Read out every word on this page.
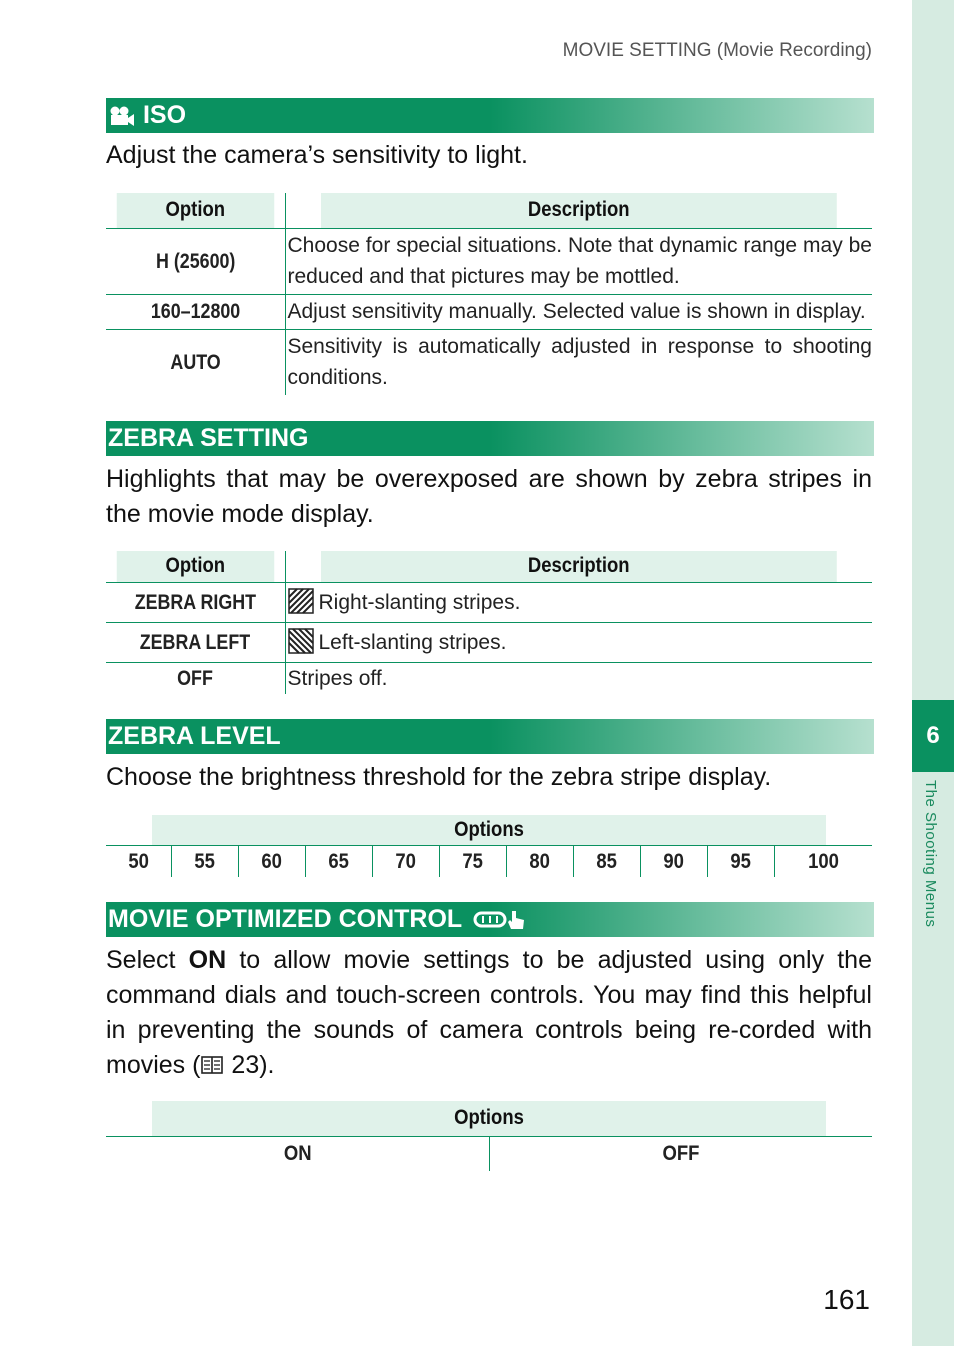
6
The Shooting Menus
MOVIE SETTING (Movie Recording)
ISO
Adjust the camera’s sensitivity to light.
Option	Description
H (25600)	Choose for special situations. Note that dynamic range may be reduced and that pictures may be mottled.
160–12800	Adjust sensitivity manually. Selected value is shown in display.
AUTO	Sensitivity is automatically adjusted in response to shooting conditions.
ZEBRA SETTING
Highlights that may be overexposed are shown by zebra stripes in the movie mode display.
Option	Description
ZEBRA RIGHT	Right-slanting stripes.
ZEBRA LEFT	Left-slanting stripes.
OFF	Stripes off.
ZEBRA LEVEL
Choose the brightness threshold for the zebra stripe display.
Options
50	55	60	65	70	75	80	85	90	95	100
MOVIE OPTIMIZED CONTROL
Select ON to allow movie settings to be adjusted using only the command dials and touch-screen controls. You may find this helpful in preventing the sounds of camera controls being re-corded with movies ( 23).
Options
ON	OFF
161
